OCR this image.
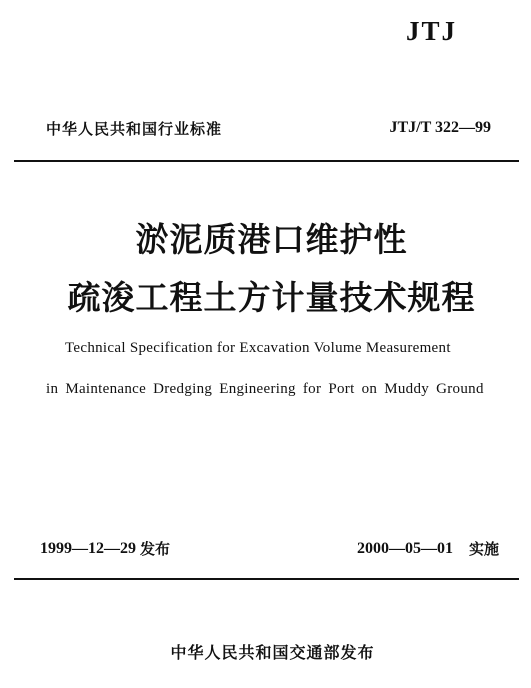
JTJ
中华人民共和国行业标准	JTJ/T 322—99
淤泥质港口维护性
疏浚工程土方计量技术规程
Technical Specification for Excavation Volume Measurement
in Maintenance Dredging Engineering for Port on Muddy Ground
1999—12—29 发布	2000—05—01 实施
中华人民共和国交通部发布
